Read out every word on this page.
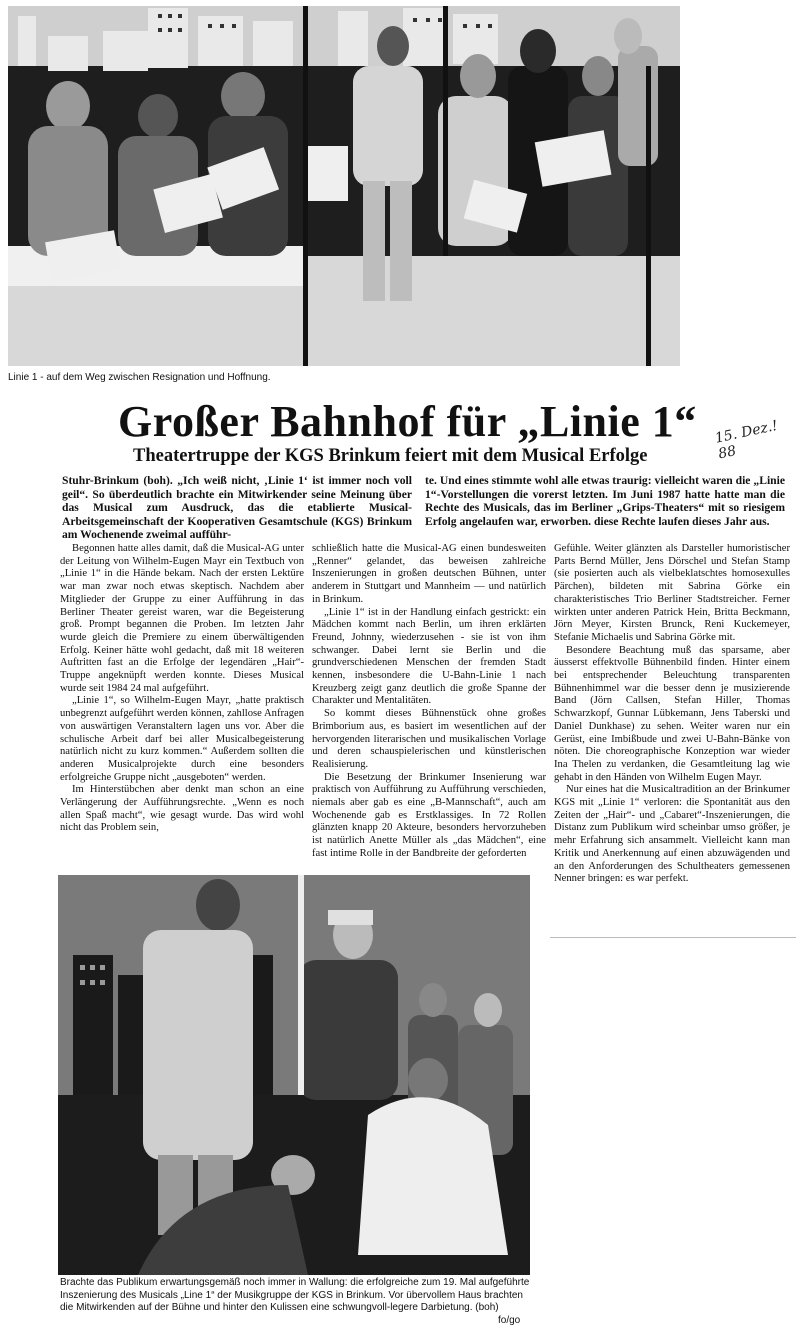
Linie 1 - auf dem Weg zwischen Resignation und Hoffnung.
Großer Bahnhof für „Linie 1“ 15. Dez.! 88
Theatertruppe der KGS Brinkum feiert mit dem Musical Erfolge
Stuhr-Brinkum (boh). „Ich weiß nicht, ‚Linie 1‘ ist immer noch voll geil“. So überdeutlich brachte ein Mitwirkender seine Meinung über das Musical zum Ausdruck, das die etablierte Musical-Arbeitsgemeinschaft der Kooperativen Gesamtschule (KGS) Brinkum am Wochenende zweimal aufführ-
te. Und eines stimmte wohl alle etwas traurig: vielleicht waren die „Linie 1“-Vorstellungen die vorerst letzten. Im Juni 1987 hatte hatte man die Rechte des Musicals, das im Berliner „Grips-Theaters“ mit so riesigem Erfolg angelaufen war, erworben. diese Rechte laufen dieses Jahr aus.

Begonnen hatte alles damit, daß die Musical-AG unter der Leitung von Wilhelm-Eugen Mayr ein Textbuch von „Linie 1“ in die Hände bekam. Nach der ersten Lektüre war man zwar noch etwas skeptisch. Nachdem aber Mitglieder der Gruppe zu einer Aufführung in das Berliner Theater gereist waren, war die Begeisterung groß. Prompt begannen die Proben. Im letzten Jahr wurde gleich die Premiere zu einem überwältigenden Erfolg. Keiner hätte wohl gedacht, daß mit 18 weiteren Auftritten fast an die Erfolge der legendären „Hair“-Truppe angeknüpft werden konnte. Dieses Musical wurde seit 1984 24 mal aufgeführt.

„Linie 1“, so Wilhelm-Eugen Mayr, „hatte praktisch unbegrenzt aufgeführt werden können, zahllose Anfragen von auswärtigen Veranstaltern lagen uns vor. Aber die schulische Arbeit darf bei aller Musicalbegeisterung natürlich nicht zu kurz kommen.“ Außerdem sollten die anderen Musicalprojekte durch eine besonders erfolgreiche Gruppe nicht „ausgeboten“ werden.

Im Hinterstübchen aber denkt man schon an eine Verlängerung der Aufführungsrechte. „Wenn es noch allen Spaß macht“, wie gesagt wurde. Das wird wohl nicht das Problem sein,

schließlich hatte die Musical-AG einen bundesweiten „Renner“ gelandet, das beweisen zahlreiche Inszenierungen in großen deutschen Bühnen, unter anderem in Stuttgart und Mannheim — und natürlich in Brinkum.

„Linie 1“ ist in der Handlung einfach gestrickt: ein Mädchen kommt nach Berlin, um ihren erklärten Freund, Johnny, wiederzusehen - sie ist von ihm schwanger. Dabei lernt sie Berlin und die grundverschiedenen Menschen der fremden Stadt kennen, insbesondere die U-Bahn-Linie 1 nach Kreuzberg zeigt ganz deutlich die große Spanne der Charakter und Mentalitäten.

So kommt dieses Bühnenstück ohne großes Brimborium aus, es basiert im wesentlichen auf der hervorgenden literarischen und musikalischen Vorlage und deren schauspielerischen und künstlerischen Realisierung.

Die Besetzung der Brinkumer Insenierung war praktisch von Aufführung zu Aufführung verschieden, niemals aber gab es eine „B-Mannschaft“, auch am Wochenende gab es Erstklassiges. In 72 Rollen glänzten knapp 20 Akteure, besonders hervorzuheben ist natürlich Anette Müller als „das Mädchen“, eine fast intime Rolle in der Bandbreite der geforderten

Gefühle. Weiter glänzten als Darsteller humoristischer Parts Bernd Müller, Jens Dörschel und Stefan Stamp (sie posierten auch als vielbeklatschtes homosexulles Pärchen), bildeten mit Sabrina Görke ein charakteristisches Trio Berliner Stadtstreicher. Ferner wirkten unter anderen Patrick Hein, Britta Beckmann, Jörn Meyer, Kirsten Brunck, Reni Kuckemeyer, Stefanie Michaelis und Sabrina Görke mit.

Besondere Beachtung muß das sparsame, aber äusserst effektvolle Bühnenbild finden. Hinter einem bei entsprechender Beleuchtung transparenten Bühnenhimmel war die besser denn je musizierende Band (Jörn Callsen, Stefan Hiller, Thomas Schwarzkopf, Gunnar Lübkemann, Jens Taberski und Daniel Dunkhase) zu sehen. Weiter waren nur ein Gerüst, eine Imbißbude und zwei U-Bahn-Bänke von nöten. Die choreographische Konzeption war wieder Ina Thelen zu verdanken, die Gesamtleitung lag wie gehabt in den Händen von Wilhelm Eugen Mayr.

Nur eines hat die Musicaltradition an der Brinkumer KGS mit „Linie 1“ verloren: die Spontanität aus den Zeiten der „Hair“- und „Cabaret“-Inszenierungen, die Distanz zum Publikum wird scheinbar umso größer, je mehr Erfahrung sich ansammelt. Vielleicht kann man Kritik und Anerkennung auf einen abzuwägenden und an den Anforderungen des Schultheaters gemessenen Nenner bringen: es war perfekt.

Brachte das Publikum erwartungsgemäß noch immer in Wallung: die erfolgreiche zum 19. Mal aufgeführte Inszenierung des Musicals „Line 1“ der Musikgruppe der KGS in Brinkum. Vor übervollem Haus brachten die Mitwirkenden auf der Bühne und hinter den Kulissen eine schwungvoll-legere Darbietung. (boh)
fo/go
